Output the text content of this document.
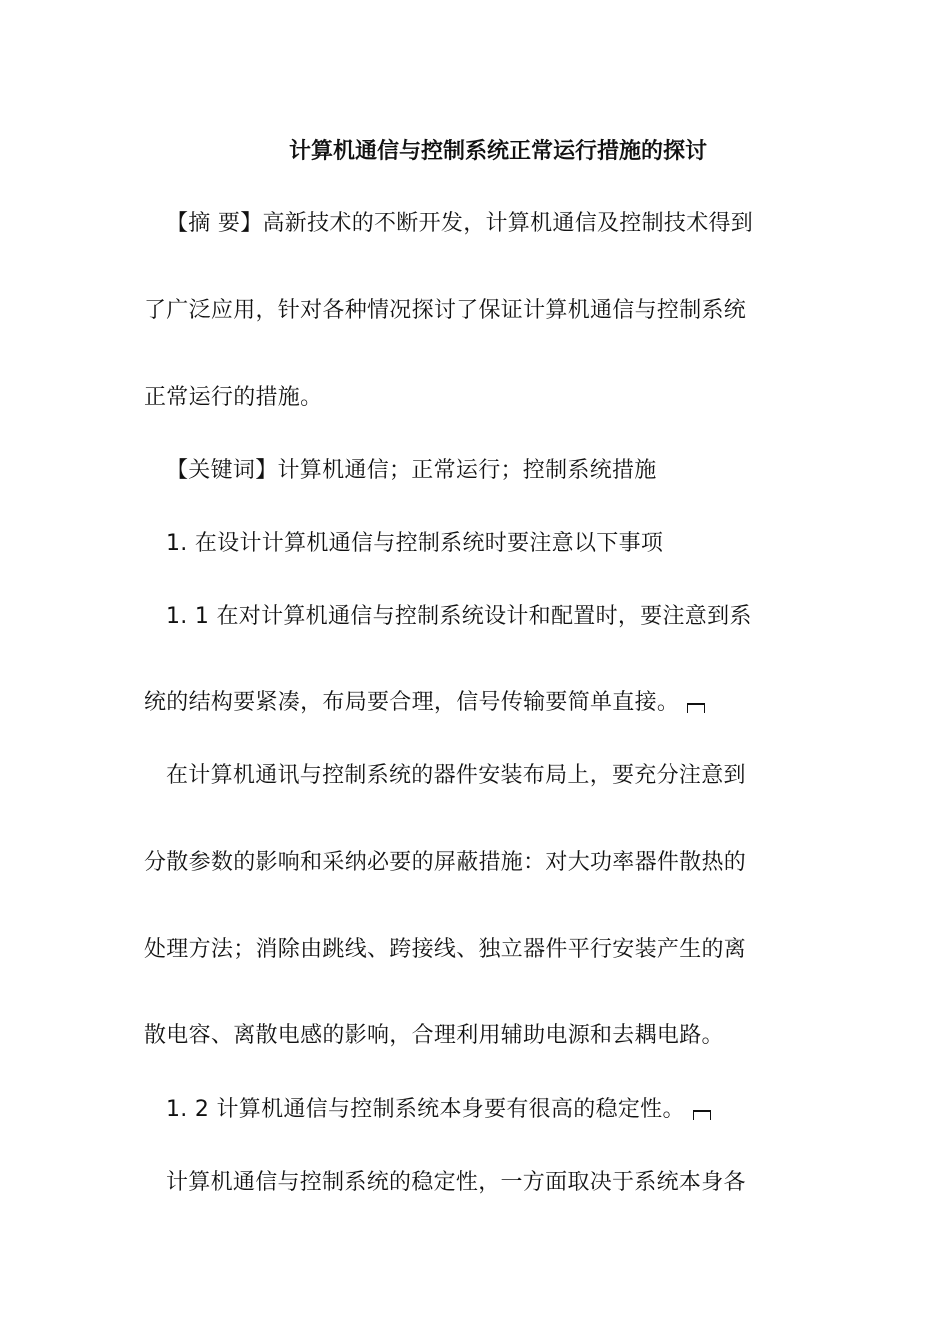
计算机通信与控制系统正常运行措施的探讨
【摘 要】高新技术的不断开发，计算机通信及控制技术得到
了广泛应用，针对各种情况探讨了保证计算机通信与控制系统
正常运行的措施。
【关键词】计算机通信；正常运行；控制系统措施
1. 在设计计算机通信与控制系统时要注意以下事项
1. 1 在对计算机通信与控制系统设计和配置时，要注意到系
统的结构要紧凑，布局要合理，信号传输要简单直接。
在计算机通讯与控制系统的器件安装布局上，要充分注意到
分散参数的影响和采纳必要的屏蔽措施：对大功率器件散热的
处理方法；消除由跳线、跨接线、独立器件平行安装产生的离
散电容、离散电感的影响，合理利用辅助电源和去耦电路。
1. 2 计算机通信与控制系统本身要有很高的稳定性。
计算机通信与控制系统的稳定性，一方面取决于系统本身各
